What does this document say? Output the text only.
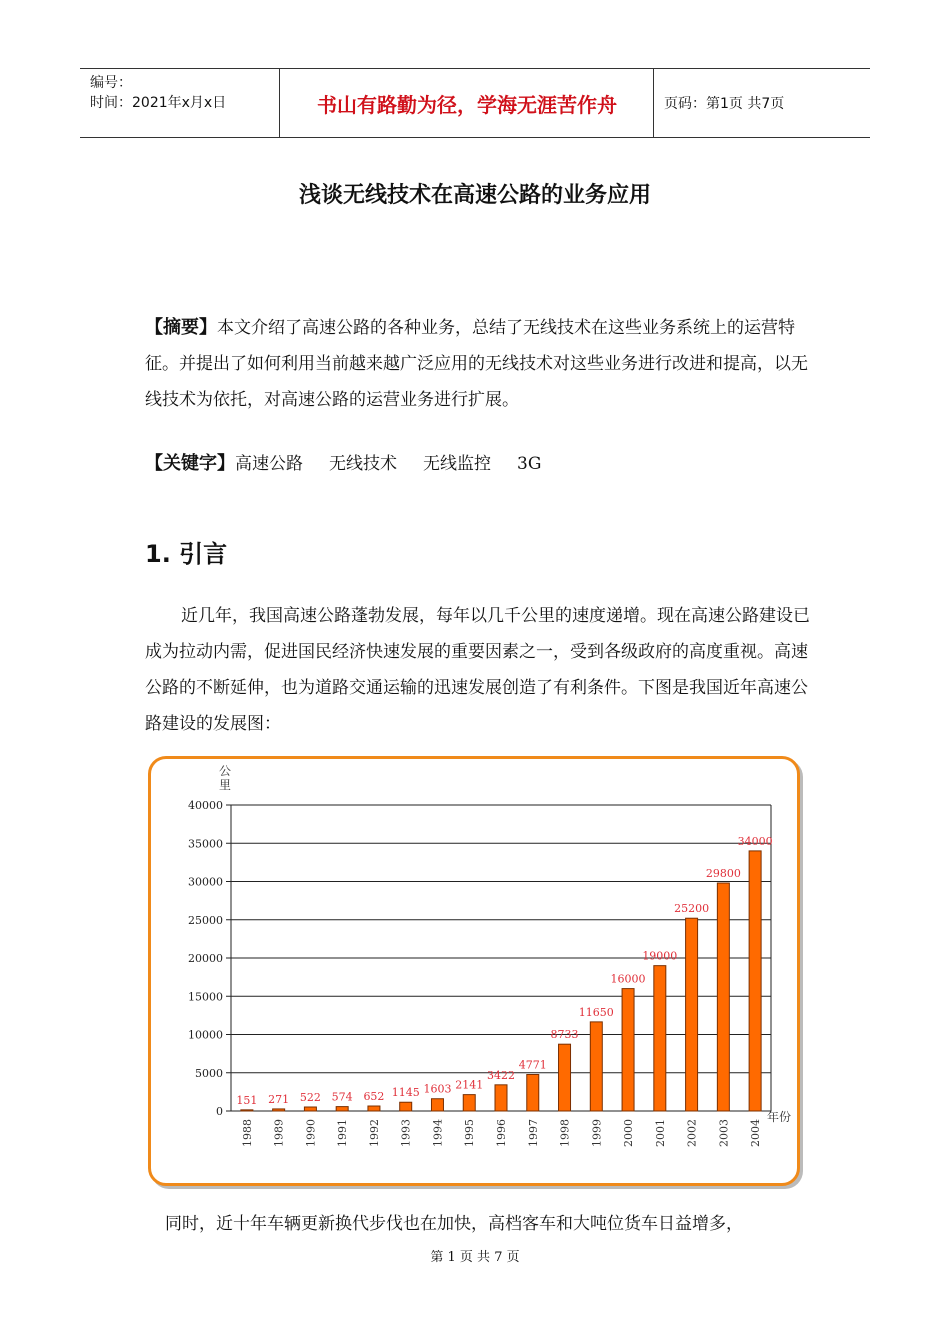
编号：
时间：2021年x月x日	书山有路勤为径，学海无涯苦作舟	页码：第1页 共7页
浅谈无线技术在高速公路的业务应用
【摘要】本文介绍了高速公路的各种业务，总结了无线技术在这些业务系统上的运营特征。并提出了如何利用当前越来越广泛应用的无线技术对这些业务进行改进和提高，以无线技术为依托，对高速公路的运营业务进行扩展。
【关键字】高速公路 无线技术 无线监控 3G
1. 引言
近几年，我国高速公路蓬勃发展，每年以几千公里的速度递增。现在高速公路建设已成为拉动内需，促进国民经济快速发展的重要因素之一，受到各级政府的高度重视。高速公路的不断延伸，也为道路交通运输的迅速发展创造了有利条件。下图是我国近年高速公路建设的发展图：
0
5000
10000
15000
20000
25000
30000
35000
40000
公
里
年份
151
1988
271
1989
522
1990
574
1991
652
1992
1145
1993
1603
1994
2141
1995
3422
1996
4771
1997
8733
1998
11650
1999
16000
2000
19000
2001
25200
2002
29800
2003
34000
2004
同时，近十年车辆更新换代步伐也在加快，高档客车和大吨位货车日益增多，
第 1 页 共 7 页
